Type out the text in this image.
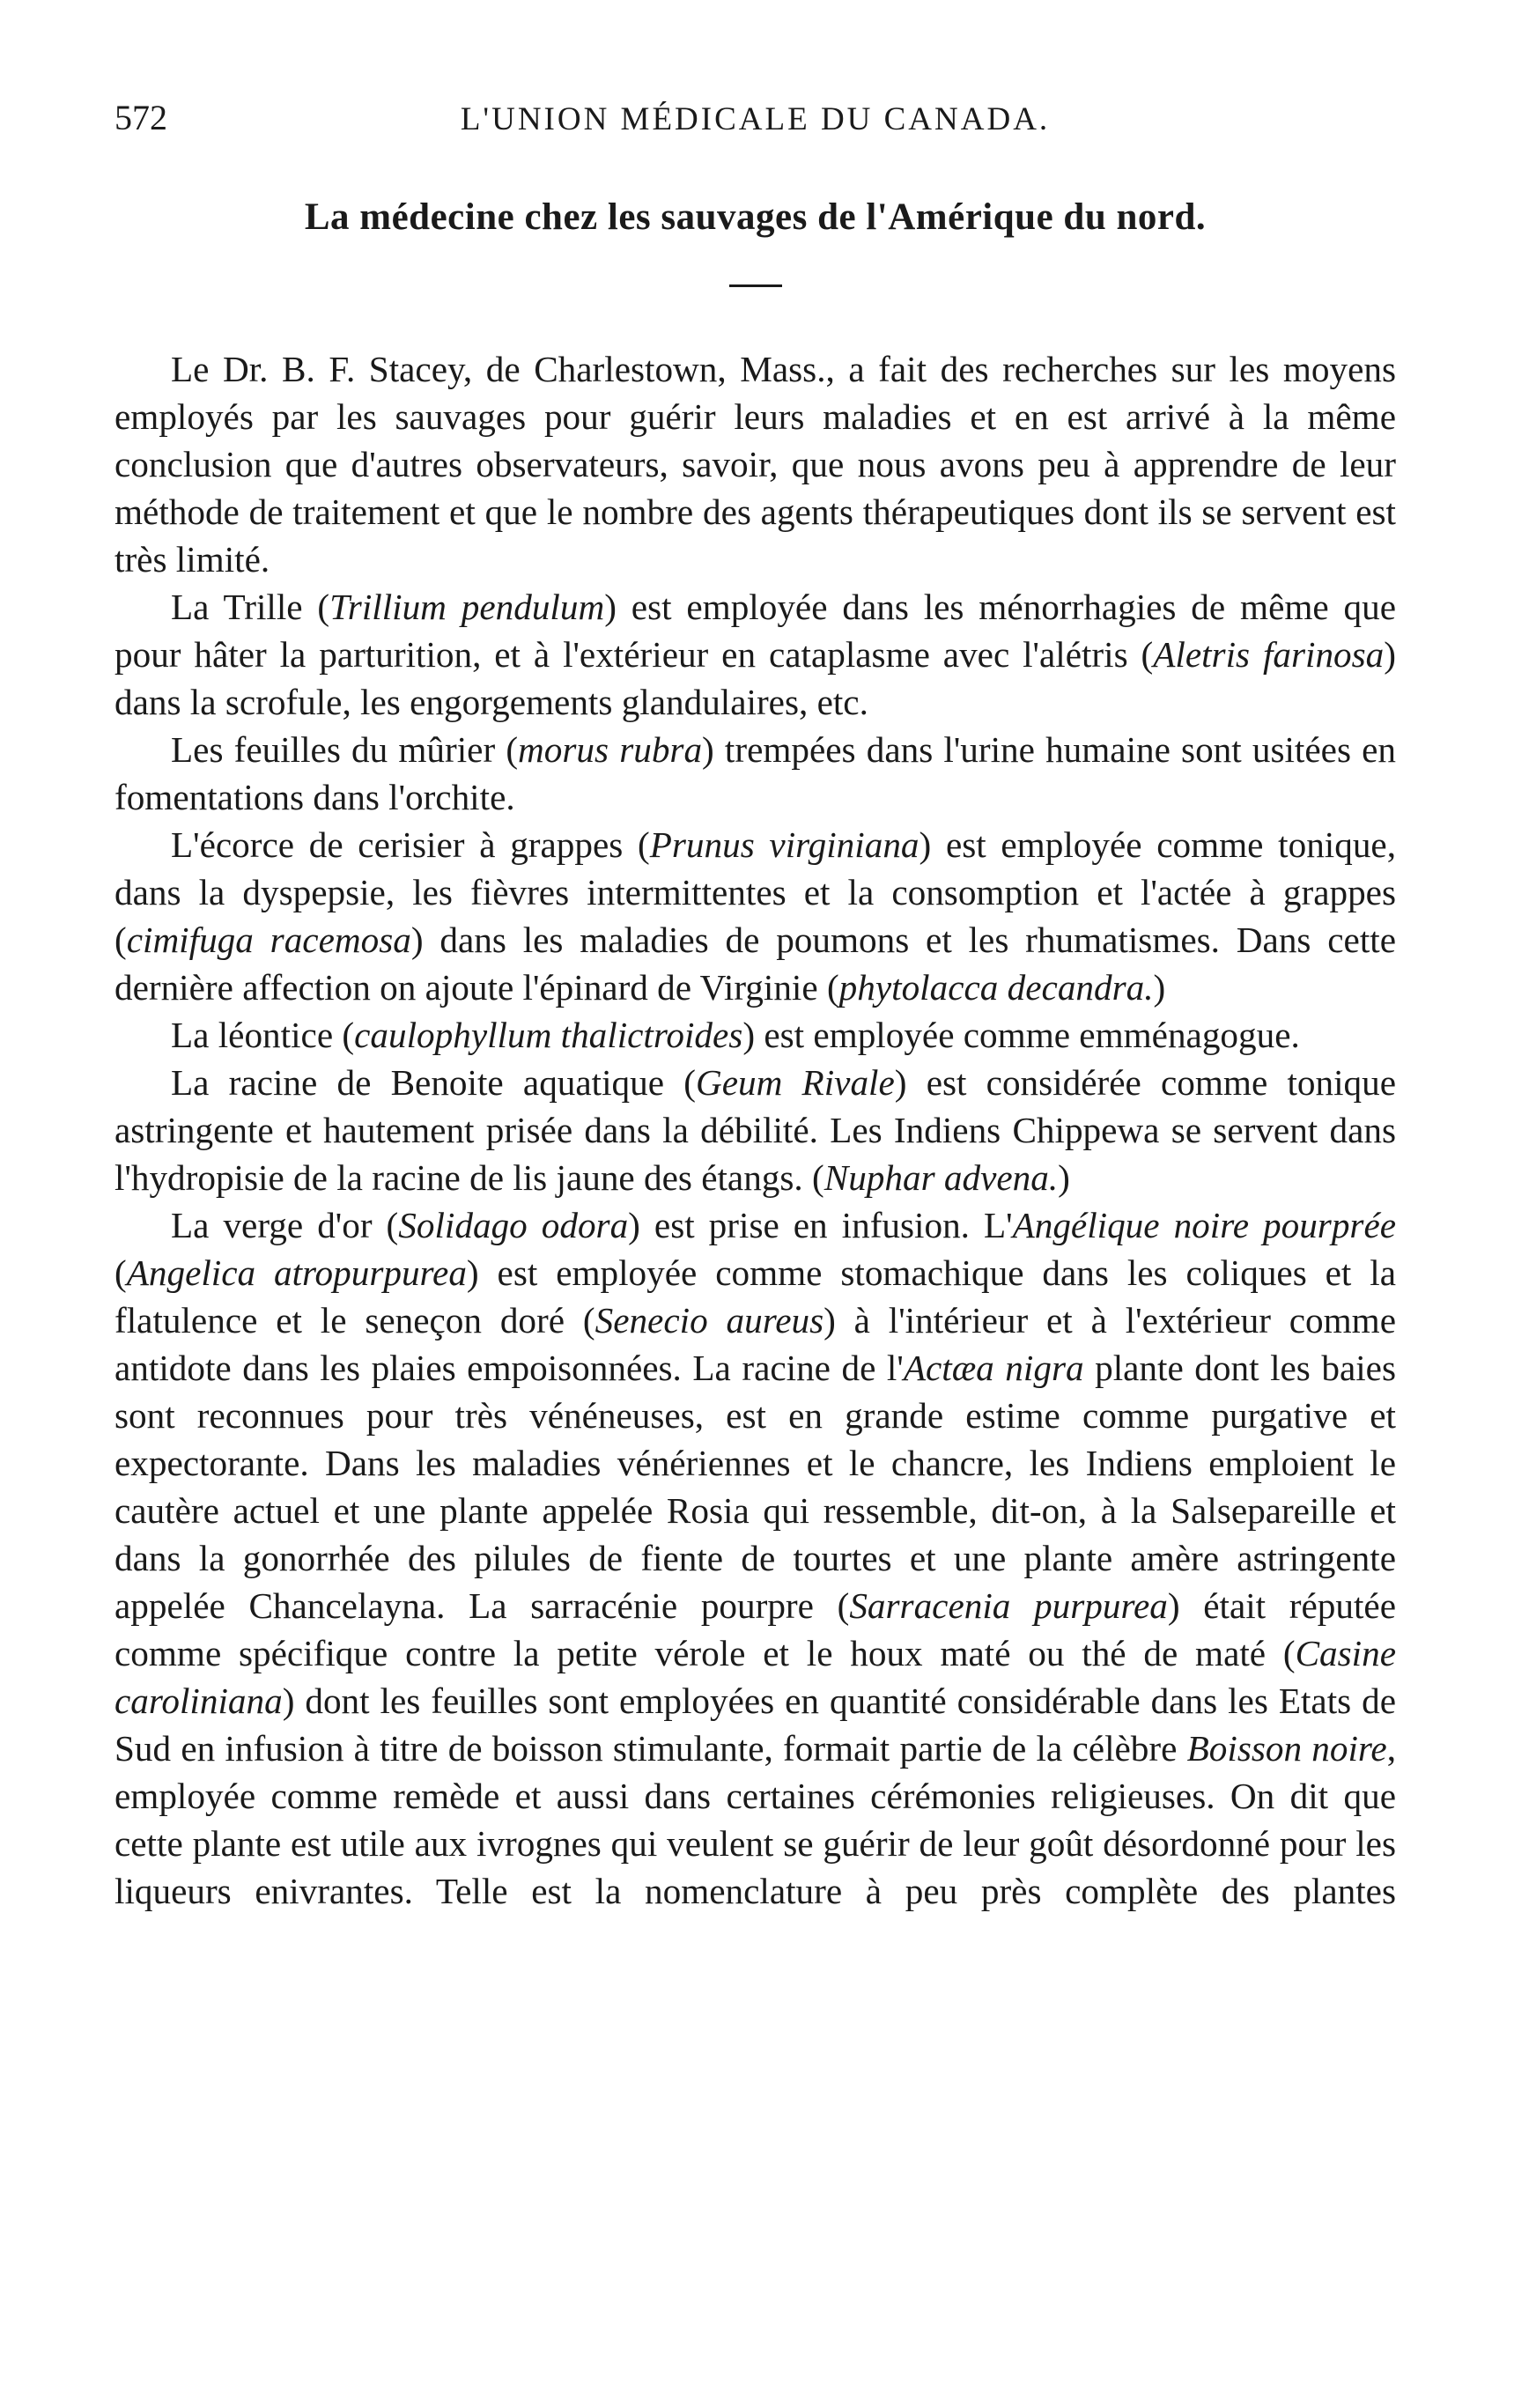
572	L'UNION MÉDICALE DU CANADA.
La médecine chez les sauvages de l'Amérique du nord.

Le Dr. B. F. Stacey, de Charlestown, Mass., a fait des recherches sur les moyens employés par les sauvages pour guérir leurs maladies et en est arrivé à la même conclusion que d'autres observateurs, savoir, que nous avons peu à apprendre de leur méthode de traitement et que le nombre des agents thérapeutiques dont ils se servent est très limité.

La Trille (Trillium pendulum) est employée dans les ménorrhagies de même que pour hâter la parturition, et à l'extérieur en cataplasme avec l'alétris (Aletris farinosa) dans la scrofule, les engorgements glandulaires, etc.

Les feuilles du mûrier (morus rubra) trempées dans l'urine humaine sont usitées en fomentations dans l'orchite.

L'écorce de cerisier à grappes (Prunus virginiana) est employée comme tonique, dans la dyspepsie, les fièvres intermittentes et la consomption et l'actée à grappes (cimifuga racemosa) dans les maladies de poumons et les rhumatismes. Dans cette dernière affection on ajoute l'épinard de Virginie (phytolacca decandra.)

La léontice (caulophyllum thalictroides) est employée comme emménagogue.

La racine de Benoite aquatique (Geum Rivale) est considérée comme tonique astringente et hautement prisée dans la débilité. Les Indiens Chippewa se servent dans l'hydropisie de la racine de lis jaune des étangs. (Nuphar advena.)

La verge d'or (Solidago odora) est prise en infusion. L'Angélique noire pourprée (Angelica atropurpurea) est employée comme stomachique dans les coliques et la flatulence et le seneçon doré (Senecio aureus) à l'intérieur et à l'extérieur comme antidote dans les plaies empoisonnées. La racine de l'Actæa nigra plante dont les baies sont reconnues pour très vénéneuses, est en grande estime comme purgative et expectorante. Dans les maladies vénériennes et le chancre, les Indiens emploient le cautère actuel et une plante appelée Rosia qui ressemble, dit-on, à la Salsepareille et dans la gonorrhée des pilules de fiente de tourtes et une plante amère astringente appelée Chancelayna. La sarracénie pourpre (Sarracenia purpurea) était réputée comme spécifique contre la petite vérole et le houx maté ou thé de maté (Casine caroliniana) dont les feuilles sont employées en quantité considérable dans les Etats de Sud en infusion à titre de boisson stimulante, formait partie de la célèbre Boisson noire, employée comme remède et aussi dans certaines cérémonies religieuses. On dit que cette plante est utile aux ivrognes qui veulent se guérir de leur goût désordonné pour les liqueurs enivrantes. Telle est la nomenclature à peu près complète des plantes
